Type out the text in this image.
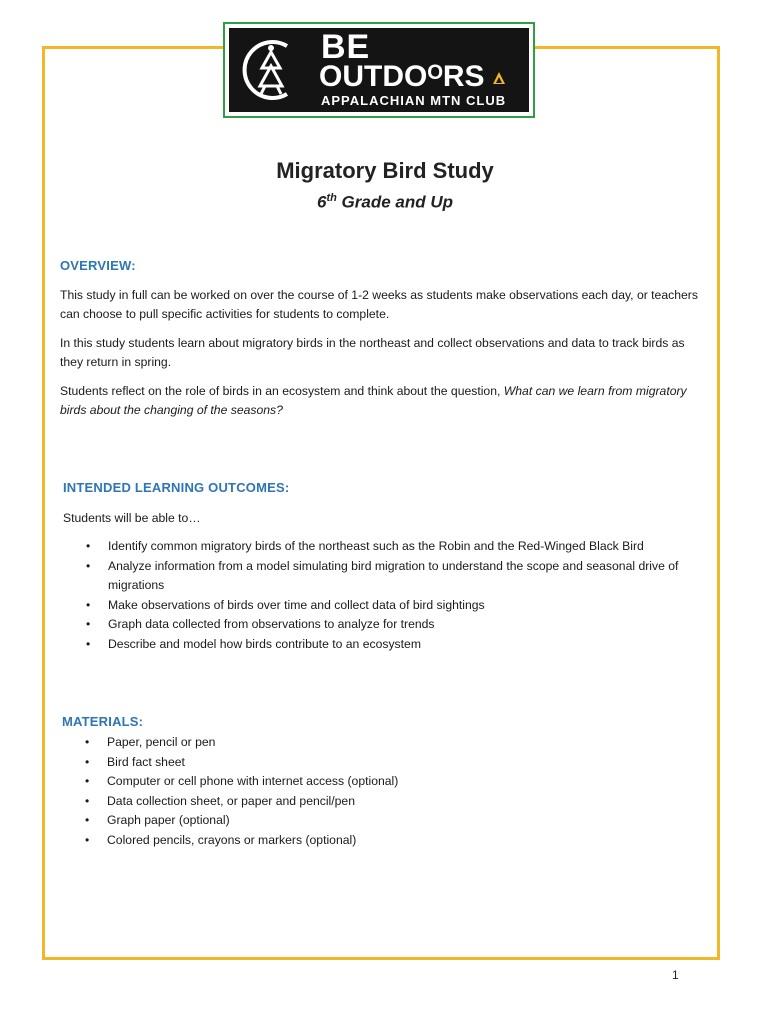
BE
OUTDOᴼRS
APPALACHIAN MTN CLUB
Migratory Bird Study
6th Grade and Up
OVERVIEW:
This study in full can be worked on over the course of 1-2 weeks as students make observations each day, or teachers can choose to pull specific activities for students to complete.
In this study students learn about migratory birds in the northeast and collect observations and data to track birds as they return in spring.
Students reflect on the role of birds in an ecosystem and think about the question, What can we learn from migratory birds about the changing of the seasons?
INTENDED LEARNING OUTCOMES:
Students will be able to…
•	Identify common migratory birds of the northeast such as the Robin and the Red-Winged Black Bird
•	Analyze information from a model simulating bird migration to understand the scope and seasonal drive of migrations
•	Make observations of birds over time and collect data of bird sightings
•	Graph data collected from observations to analyze for trends
•	Describe and model how birds contribute to an ecosystem
MATERIALS:
•	Paper, pencil or pen
•	Bird fact sheet
•	Computer or cell phone with internet access (optional)
•	Data collection sheet, or paper and pencil/pen
•	Graph paper (optional)
•	Colored pencils, crayons or markers (optional)
1
